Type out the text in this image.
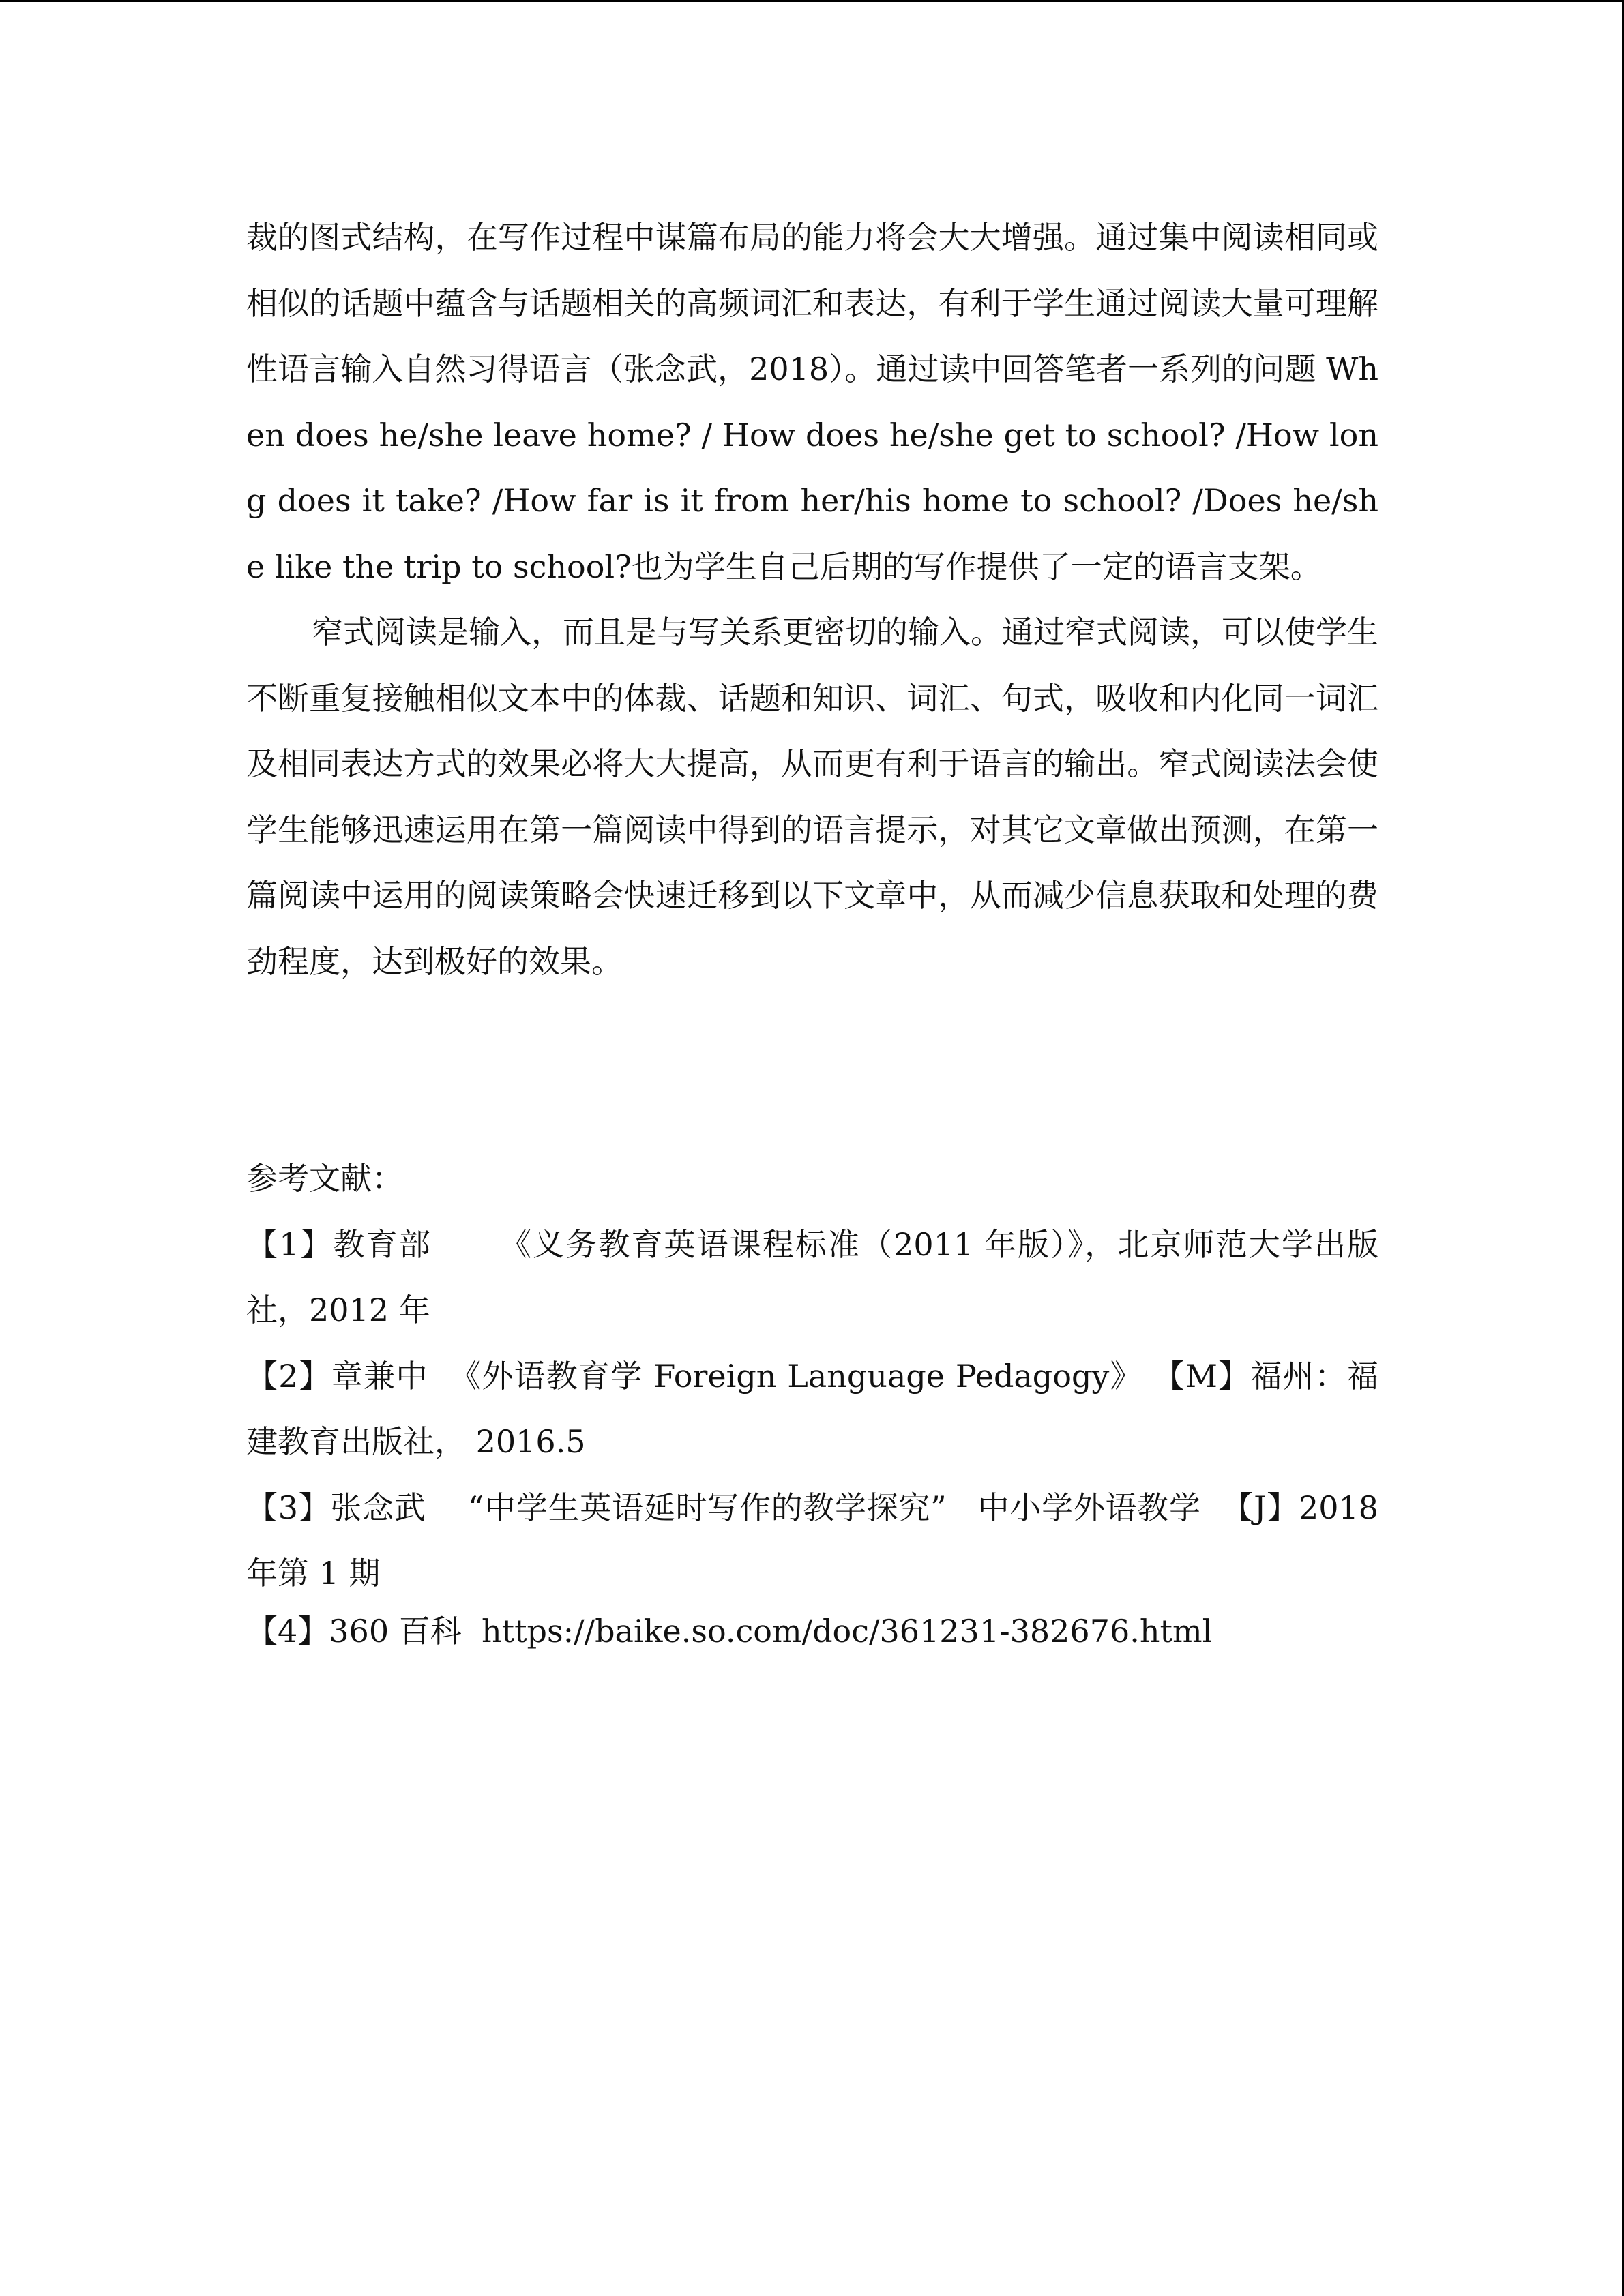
裁的图式结构，在写作过程中谋篇布局的能力将会大大增强。通过集中阅读相同或相似的话题中蕴含与话题相关的高频词汇和表达，有利于学生通过阅读大量可理解性语言输入自然习得语言（张念武，2018）。通过读中回答笔者一系列的问题 When does he/she leave home? / How does he/she get to school? /How long does it take? /How far is it from her/his home to school? /Does he/she like the trip to school?也为学生自己后期的写作提供了一定的语言支架。

窄式阅读是输入，而且是与写关系更密切的输入。通过窄式阅读，可以使学生不断重复接触相似文本中的体裁、话题和知识、词汇、句式，吸收和内化同一词汇及相同表达方式的效果必将大大提高，从而更有利于语言的输出。窄式阅读法会使学生能够迅速运用在第一篇阅读中得到的语言提示，对其它文章做出预测，在第一篇阅读中运用的阅读策略会快速迁移到以下文章中，从而减少信息获取和处理的费劲程度，达到极好的效果。

参考文献：

【1】教育部 《义务教育英语课程标准（2011 年版）》，北京师范大学出版社，2012 年

【2】章兼中 《外语教育学 Foreign Language Pedagogy》 【M】福州：福建教育出版社， 2016.5

【3】张念武 “中学生英语延时写作的教学探究”   中小学外语教学  【J】2018 年第 1 期

【4】360 百科 https://baike.so.com/doc/361231-382676.html
